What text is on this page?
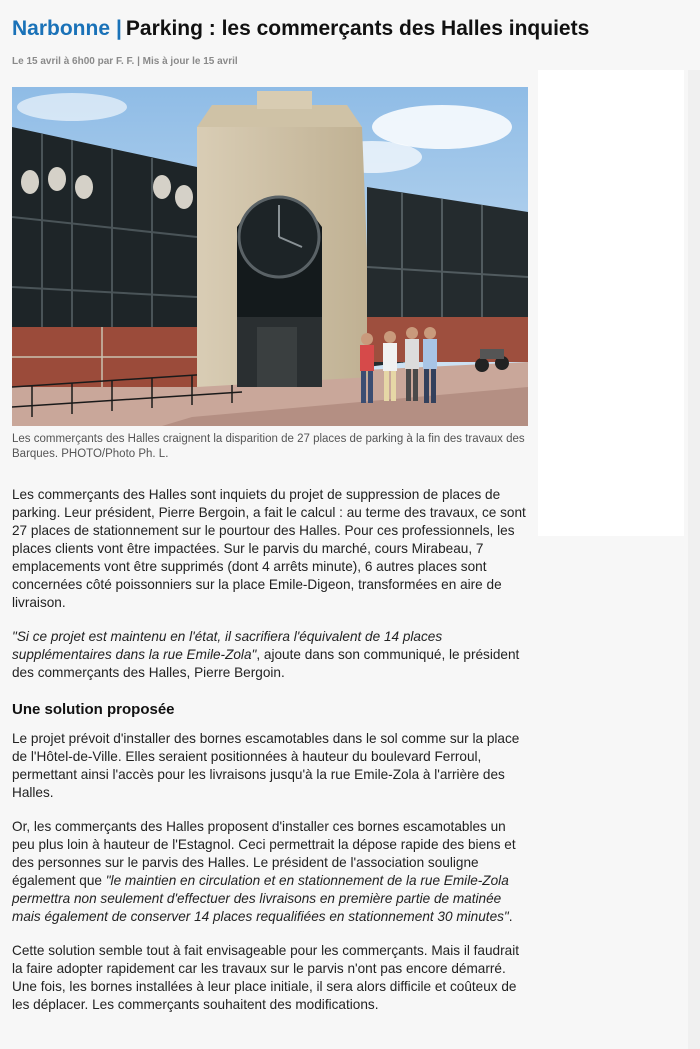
Narbonne | Parking : les commerçants des Halles inquiets
Le 15 avril à 6h00 par F. F. | Mis à jour le 15 avril
Les commerçants des Halles craignent la disparition de 27 places de parking à la fin des travaux des Barques. PHOTO/Photo Ph. L.

Les commerçants des Halles sont inquiets du projet de suppression de places de parking. Leur président, Pierre Bergoin, a fait le calcul : au terme des travaux, ce sont 27 places de stationnement sur le pourtour des Halles. Pour ces professionnels, les places clients vont être impactées. Sur le parvis du marché, cours Mirabeau, 7 emplacements vont être supprimés (dont 4 arrêts minute), 6 autres places sont concernées côté poissonniers sur la place Emile-Digeon, transformées en aire de livraison.

"Si ce projet est maintenu en l'état, il sacrifiera l'équivalent de 14 places supplémentaires dans la rue Emile-Zola", ajoute dans son communiqué, le président des commerçants des Halles, Pierre Bergoin.

Une solution proposée

Le projet prévoit d'installer des bornes escamotables dans le sol comme sur la place de l'Hôtel-de-Ville. Elles seraient positionnées à hauteur du boulevard Ferroul, permettant ainsi l'accès pour les livraisons jusqu'à la rue Emile-Zola à l'arrière des Halles.

Or, les commerçants des Halles proposent d'installer ces bornes escamotables un peu plus loin à hauteur de l'Estagnol. Ceci permettrait la dépose rapide des biens et des personnes sur le parvis des Halles. Le président de l'association souligne également que "le maintien en circulation et en stationnement de la rue Emile-Zola permettra non seulement d'effectuer des livraisons en première partie de matinée mais également de conserver 14 places requalifiées en stationnement 30 minutes".

Cette solution semble tout à fait envisageable pour les commerçants. Mais il faudrait la faire adopter rapidement car les travaux sur le parvis n'ont pas encore démarré. Une fois, les bornes installées à leur place initiale, il sera alors difficile et coûteux de les déplacer. Les commerçants souhaitent des modifications.
